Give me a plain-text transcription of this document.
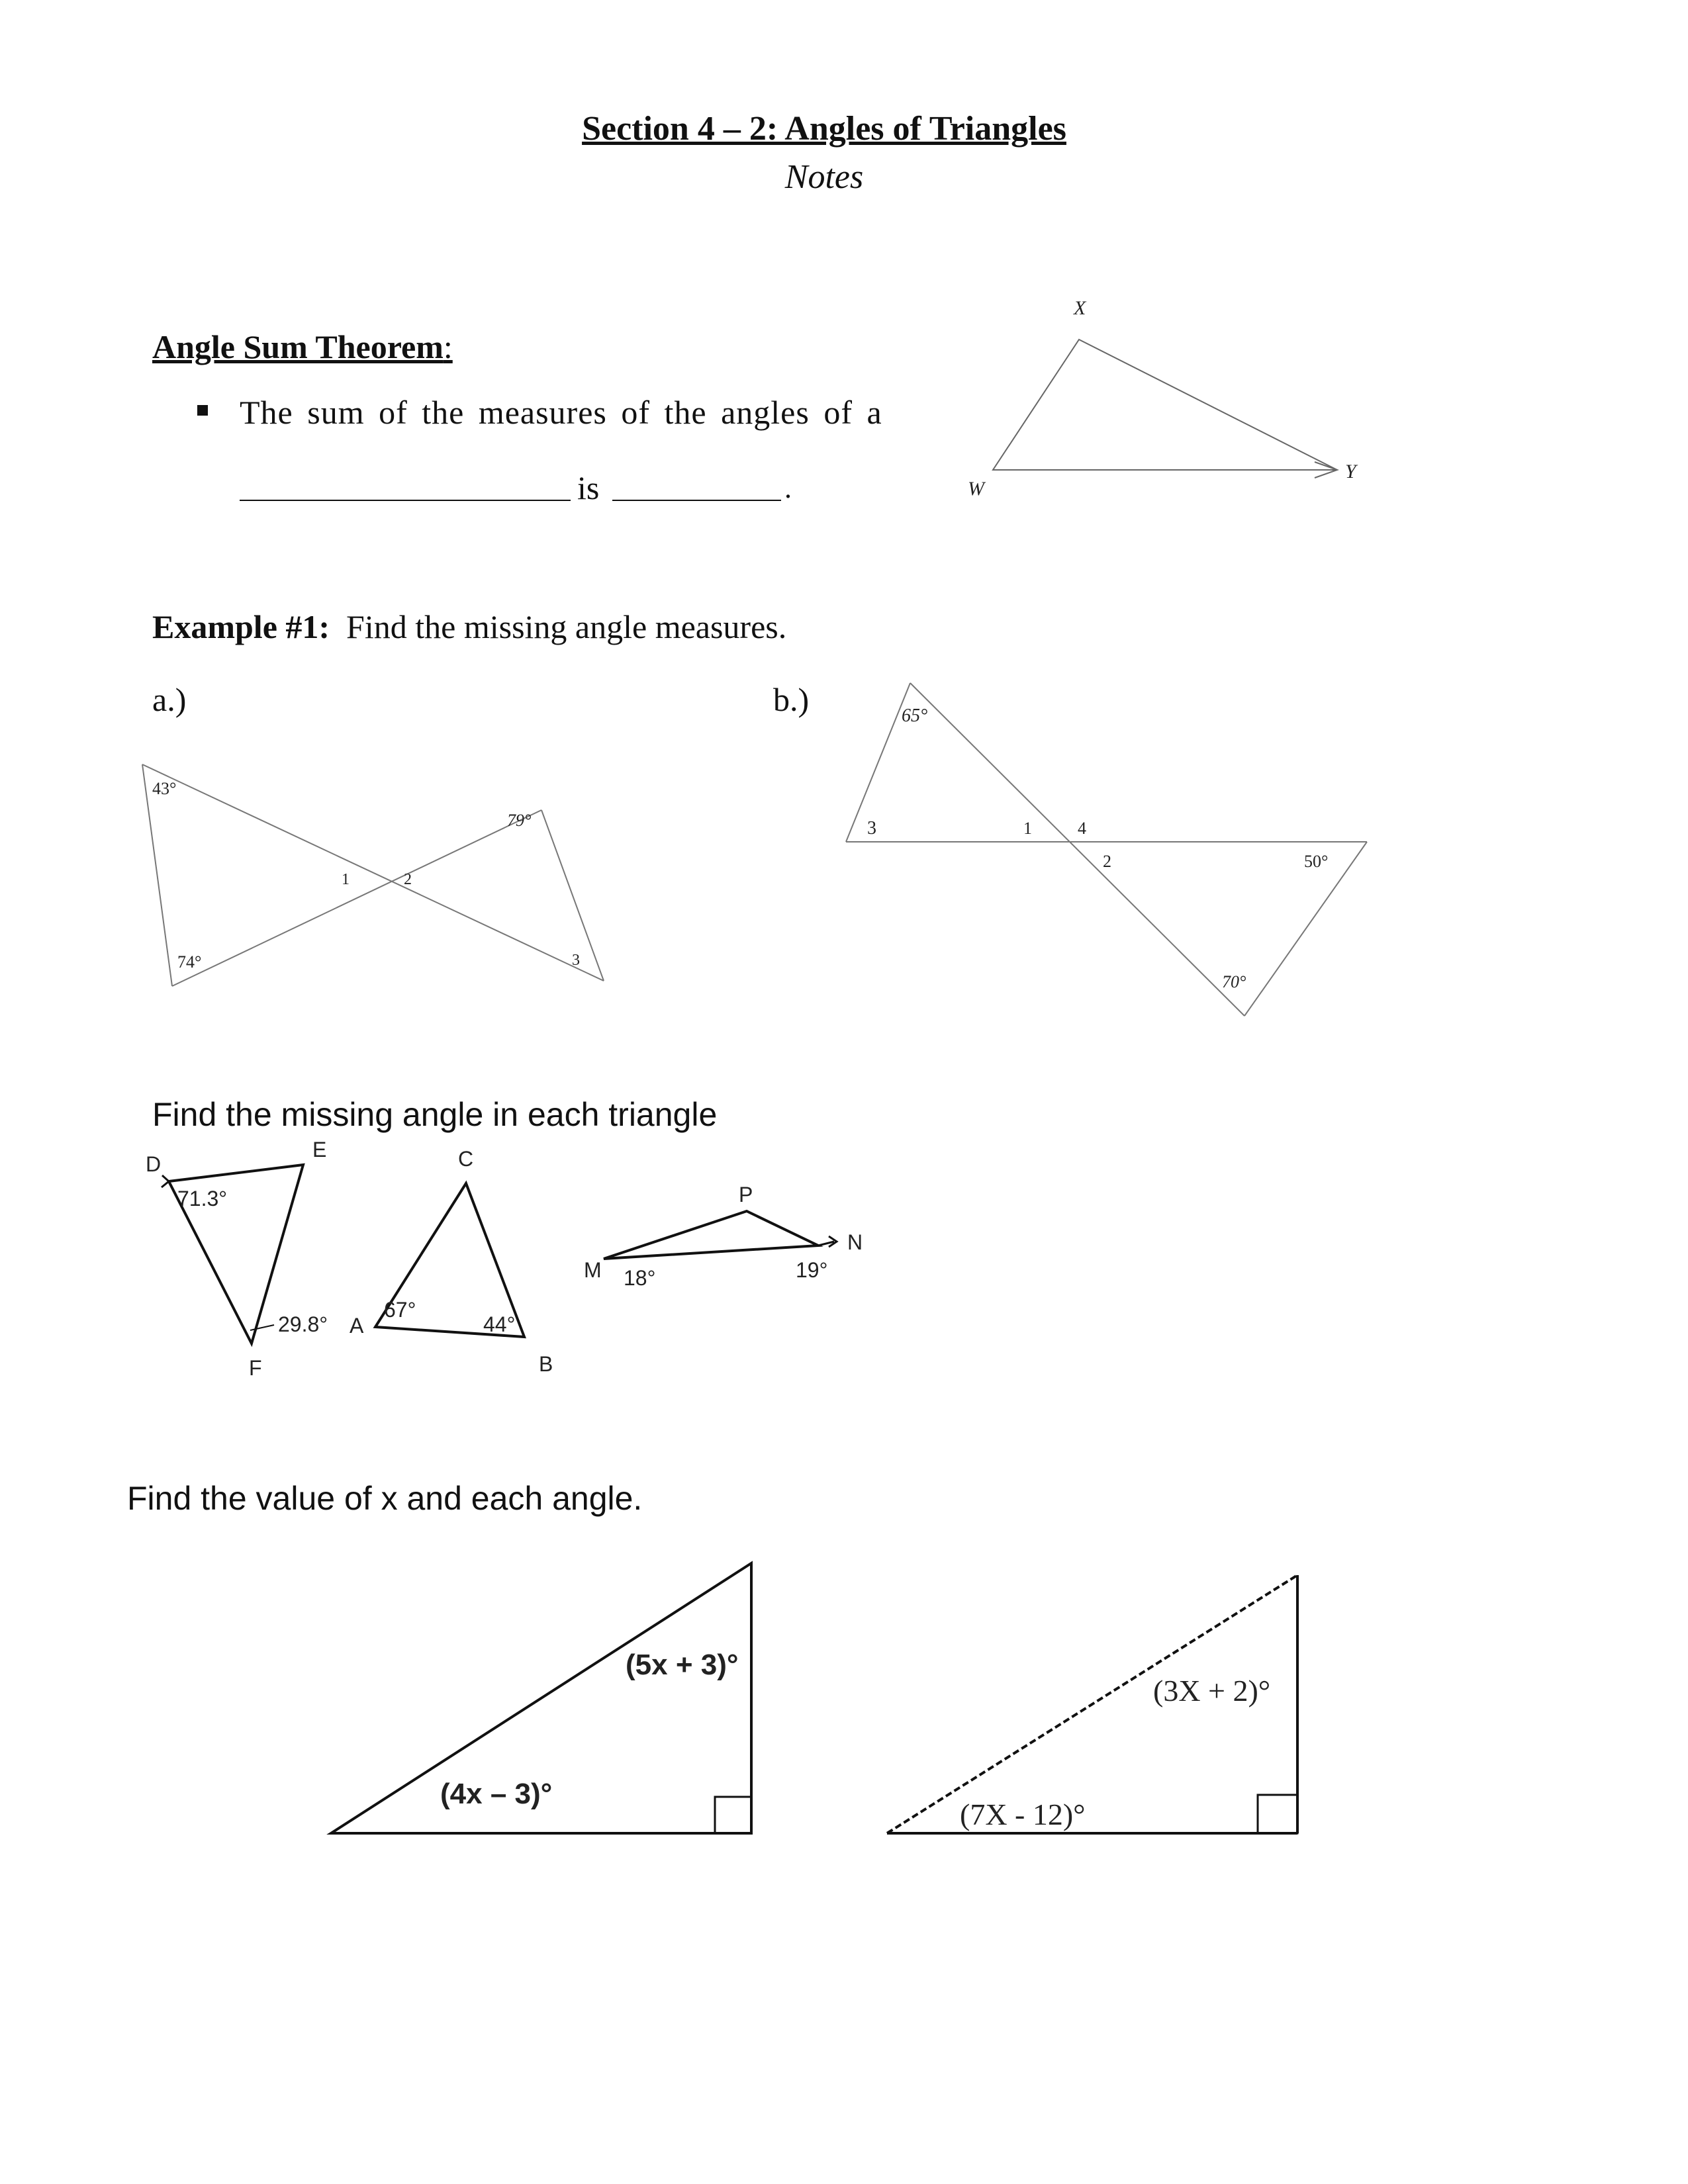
Section 4 – 2: Angles of Triangles
Notes
Angle Sum Theorem:
The sum of the measures of the angles of a
is	.
X
Y
W
Example #1: Find the missing angle measures.
a.)	b.)
43°
74°
79°
1	2
3
65°
3	1	4
2	50°
70°
Find the missing angle in each triangle
D
E
F
71.3°
29.8°
C
A
B
67°
44°
P
M
N
18°	19°
Find the value of x and each angle.
(5x + 3)°
(4x – 3)°
(3X + 2)°
(7X - 12)°
